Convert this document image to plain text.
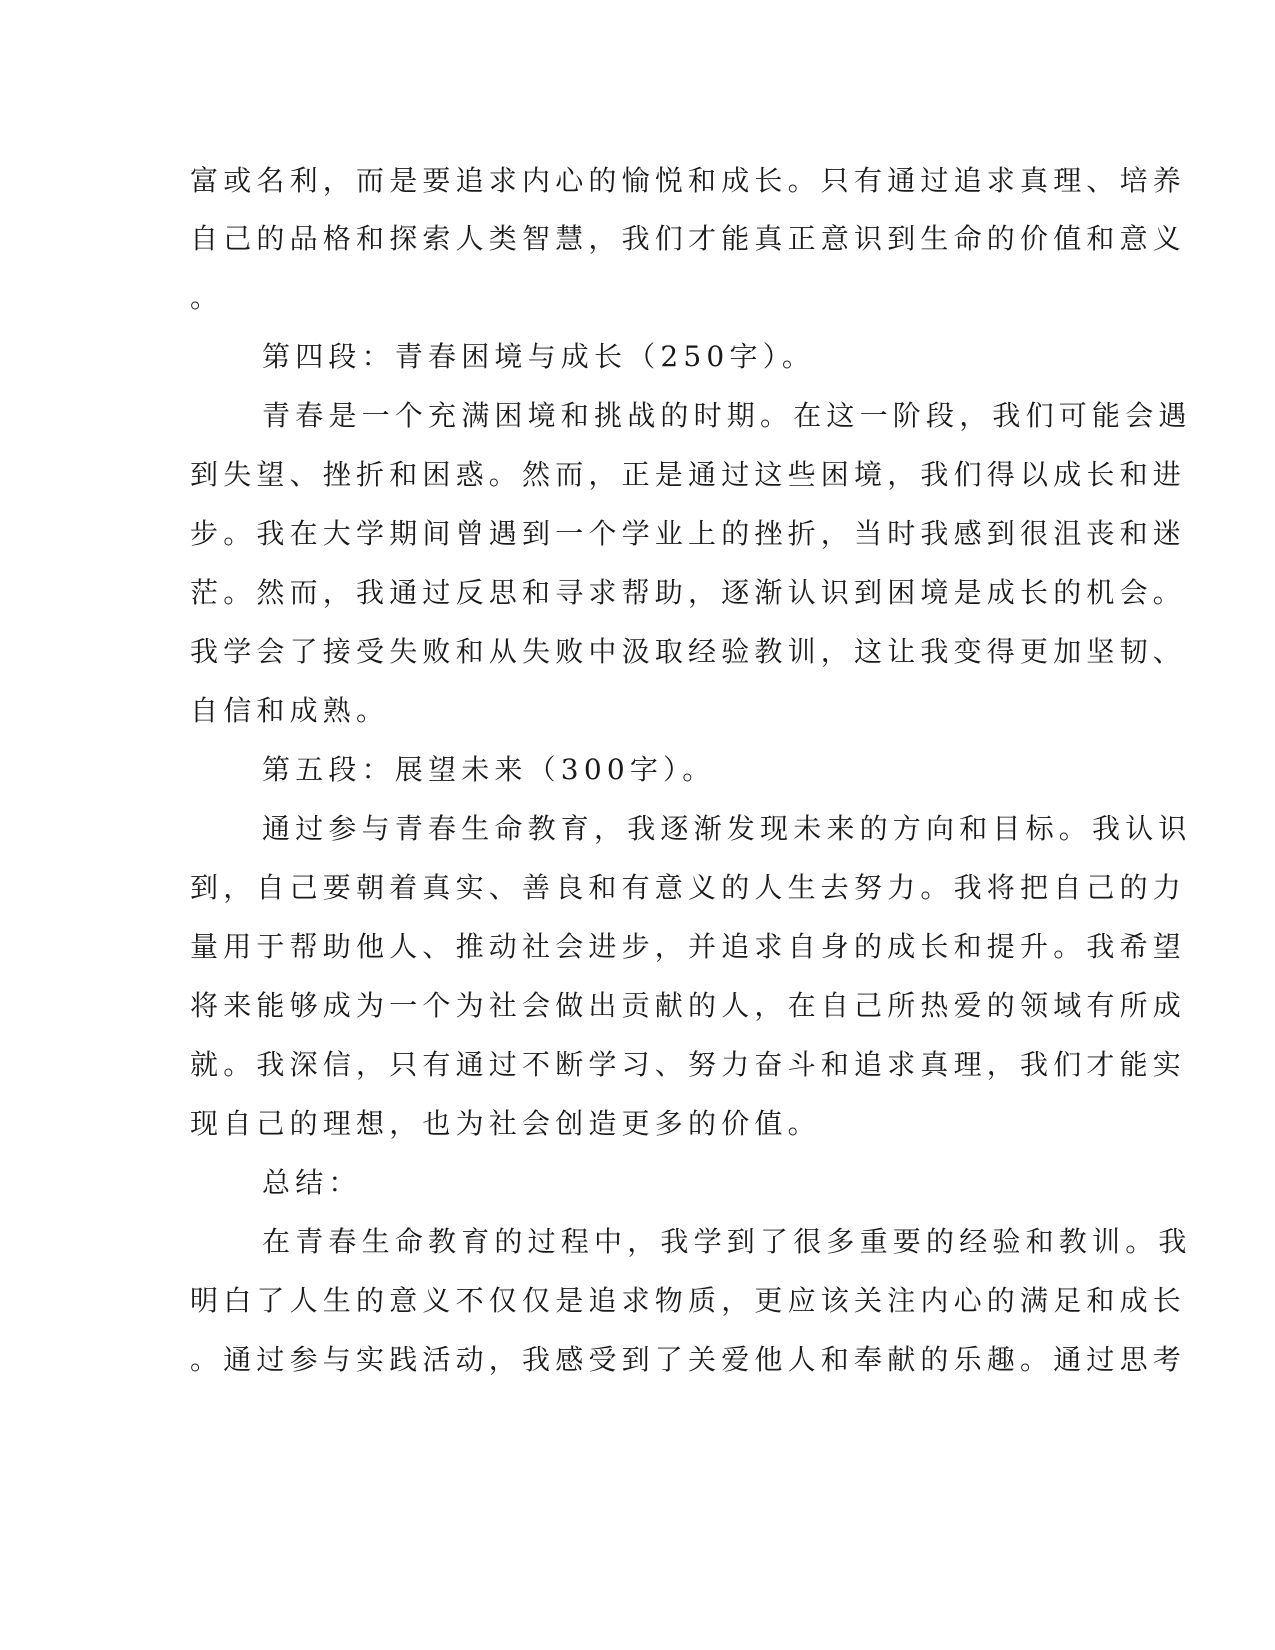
富或名利，而是要追求内心的愉悦和成长。只有通过追求真理、培养
自己的品格和探索人类智慧，我们才能真正意识到生命的价值和意义
。
第四段：青春困境与成长（250字）。
青春是一个充满困境和挑战的时期。在这一阶段，我们可能会遇
到失望、挫折和困惑。然而，正是通过这些困境，我们得以成长和进
步。我在大学期间曾遇到一个学业上的挫折，当时我感到很沮丧和迷
茫。然而，我通过反思和寻求帮助，逐渐认识到困境是成长的机会。
我学会了接受失败和从失败中汲取经验教训，这让我变得更加坚韧、
自信和成熟。
第五段：展望未来（300字）。
通过参与青春生命教育，我逐渐发现未来的方向和目标。我认识
到，自己要朝着真实、善良和有意义的人生去努力。我将把自己的力
量用于帮助他人、推动社会进步，并追求自身的成长和提升。我希望
将来能够成为一个为社会做出贡献的人，在自己所热爱的领域有所成
就。我深信，只有通过不断学习、努力奋斗和追求真理，我们才能实
现自己的理想，也为社会创造更多的价值。
总结：
在青春生命教育的过程中，我学到了很多重要的经验和教训。我
明白了人生的意义不仅仅是追求物质，更应该关注内心的满足和成长
。通过参与实践活动，我感受到了关爱他人和奉献的乐趣。通过思考
